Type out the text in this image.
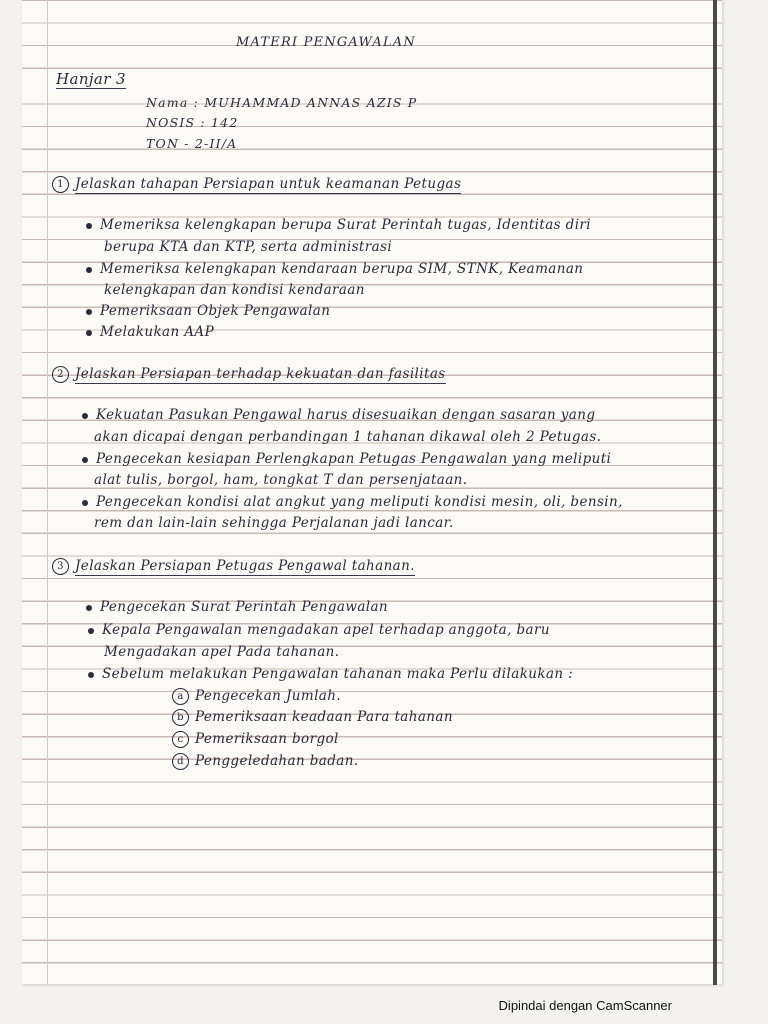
MATERI PENGAWALAN
Hanjar 3
Nama : MUHAMMAD ANNAS AZIS P
NOSIS : 142
TON - 2-II/A
1 Jelaskan tahapan Persiapan untuk keamanan Petugas
Memeriksa kelengkapan berupa Surat Perintah tugas, Identitas diri
berupa KTA dan KTP, serta administrasi
Memeriksa kelengkapan kendaraan berupa SIM, STNK, Keamanan
kelengkapan dan kondisi kendaraan
Pemeriksaan Objek Pengawalan
Melakukan AAP
2 Jelaskan Persiapan terhadap kekuatan dan fasilitas
Kekuatan Pasukan Pengawal harus disesuaikan dengan sasaran yang
akan dicapai dengan perbandingan 1 tahanan dikawal oleh 2 Petugas.
Pengecekan kesiapan Perlengkapan Petugas Pengawalan yang meliputi
alat tulis, borgol, ham, tongkat T dan persenjataan.
Pengecekan kondisi alat angkut yang meliputi kondisi mesin, oli, bensin,
rem dan lain-lain sehingga Perjalanan jadi lancar.
3 Jelaskan Persiapan Petugas Pengawal tahanan.
Pengecekan Surat Perintah Pengawalan
Kepala Pengawalan mengadakan apel terhadap anggota, baru
Mengadakan apel Pada tahanan.
Sebelum melakukan Pengawalan tahanan maka Perlu dilakukan :
a Pengecekan Jumlah.
b Pemeriksaan keadaan Para tahanan
c Pemeriksaan borgol
d Penggeledahan badan.
Dipindai dengan CamScanner
